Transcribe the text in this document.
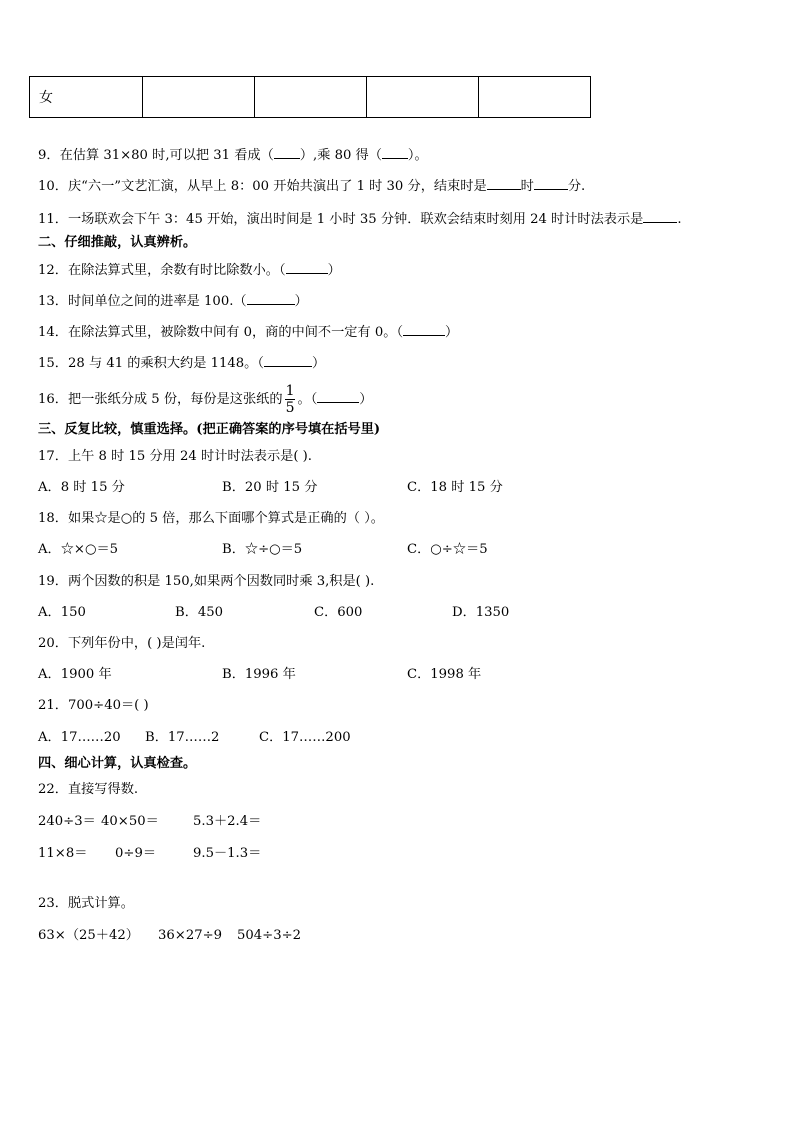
女				
9．在估算 31×80 时,可以把 31 看成（ ）,乘 80 得（ ）。
10．庆“六一”文艺汇演，从早上 8：00 开始共演出了 1 时 30 分，结束时是	时	分.
11．一场联欢会下午 3：45 开始，演出时间是 1 小时 35 分钟．联欢会结束时刻用 24 时计时法表示是	.
二、仔细推敲，认真辨析。
12．在除法算式里，余数有时比除数小。（	）
13．时间单位之间的进率是 100.（	）
14．在除法算式里，被除数中间有 0，商的中间不一定有 0。（	）
15．28 与 41 的乘积大约是 1148。（	）
16．把一张纸分成 5 份，每份是这张纸的 $\frac{1}{5}$ 。（	）
三、反复比较，慎重选择。(把正确答案的序号填在括号里)
17．上午 8 时 15 分用 24 时计时法表示是( ).
A．8 时 15 分	B．20 时 15 分	C．18 时 15 分
18．如果☆是○的 5 倍，那么下面哪个算式是正确的（ ）。
A．☆×○＝5	B．☆÷○＝5	C．○÷☆＝5
19．两个因数的积是 150,如果两个因数同时乘 3,积是( ).
A．150	B．450	C．600	D．1350
20．下列年份中，( )是闰年.
A．1900 年	B．1996 年	C．1998 年
21．700÷40＝( )
A．17……20 B．17……2	C．17……200
四、细心计算，认真检查。
22．直接写得数.
240÷3＝ 40×50＝	5.3＋2.4＝
11×8＝ 0÷9＝	9.5－1.3＝
23．脱式计算。
63×（25＋42） 36×27÷9 504÷3÷2
